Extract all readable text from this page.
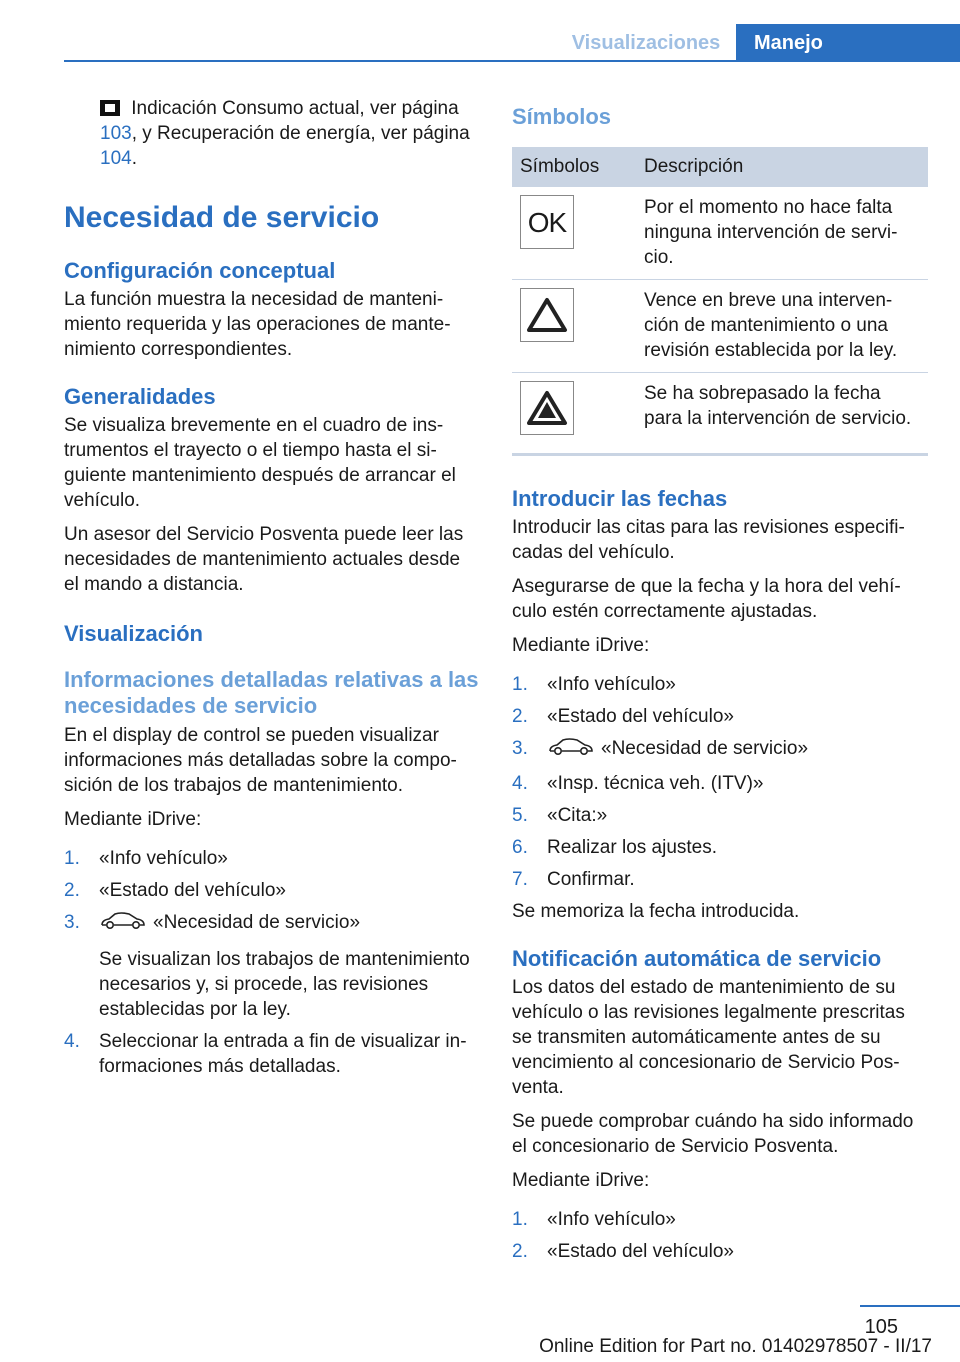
Visualizaciones	Manejo

Indicación Consumo actual, ver página 103, y Recuperación de energía, ver página 104.

Necesidad de servicio
Configuración conceptual

La función muestra la necesidad de mantenimiento requerida y las operaciones de mantenimiento correspondientes.

Generalidades

Se visualiza brevemente en el cuadro de instrumentos el trayecto o el tiempo hasta el siguiente mantenimiento después de arrancar el vehículo.

Un asesor del Servicio Posventa puede leer las necesidades de mantenimiento actuales desde el mando a distancia.

Visualización
Informaciones detalladas relativas a las necesidades de servicio

En el display de control se pueden visualizar informaciones más detalladas sobre la composición de los trabajos de mantenimiento.

Mediante iDrive:

1. «Info vehículo»
2. «Estado del vehículo»
3.	«Necesidad de servicio»

Se visualizan los trabajos de mantenimiento necesarios y, si procede, las revisiones establecidas por la ley.
4. Seleccionar la entrada a fin de visualizar informaciones más detalladas.
Símbolos
Símbolos	Descripción

OK	Por el momento no hace falta ninguna intervención de servicio.

	Vence en breve una intervención de mantenimiento o una revisión establecida por la ley.

	Se ha sobrepasado la fecha para la intervención de servicio.
Introducir las fechas

Introducir las citas para las revisiones especificadas del vehículo.

Asegurarse de que la fecha y la hora del vehículo estén correctamente ajustadas.

Mediante iDrive:

1. «Info vehículo»
2. «Estado del vehículo»
3.	«Necesidad de servicio»
4. «Insp. técnica veh. (ITV)»
5. «Cita:»
6. Realizar los ajustes.
7. Confirmar.

Se memoriza la fecha introducida.

Notificación automática de servicio

Los datos del estado de mantenimiento de su vehículo o las revisiones legalmente prescritas se transmiten automáticamente antes de su vencimiento al concesionario de Servicio Posventa.

Se puede comprobar cuándo ha sido informado el concesionario de Servicio Posventa.

Mediante iDrive:

1. «Info vehículo»
2. «Estado del vehículo»
105
Online Edition for Part no. 01402978507 - II/17
